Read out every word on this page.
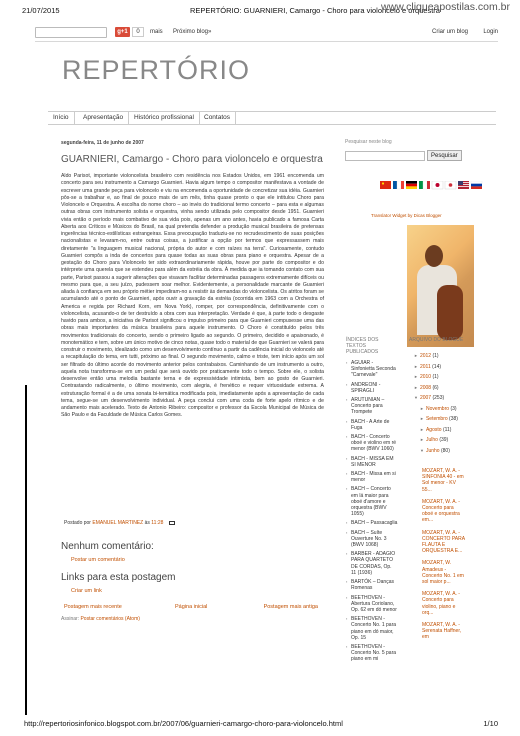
21/07/2015	REPERTÓRIO: GUARNIERI, Camargo - Choro para violoncelo e orquestra
www.cliqueapostilas.com.br
g+1	0	mais Próximo blog»	Criar um blog	Login
REPERTÓRIO
Início	Apresentação	Histórico profissional	Contatos
segunda-feira, 11 de junho de 2007
GUARNIERI, Camargo - Choro para violoncelo e orquestra
Aldo Parisot, importante violoncelista brasileiro com residência nos Estados Unidos, em 1961 encomenda um concerto para seu instrumento a Camargo Guarnieri. Havia algum tempo o compositor manifestava a vontade de escrever uma grande peça para violoncelo e viu na encomenda a oportunidade de concretizar sua idéia. Guarnieri pôs-se a trabalhar e, ao final de pouco mais de um mês, tinha quase pronto o que ele intitulou Choro para Violoncelo e Orquestra. A escolha do nome choro – ao invés do tradicional termo concerto – para esta e algumas outras obras com instrumento solista e orquestra, vinha sendo utilizada pelo compositor desde 1951. Guarnieri vivia então o período mais combativo de sua vida pois, apenas um ano antes, havia publicado a famosa Carta Aberta aos Críticos e Músicos do Brasil, na qual pretendia defender a produção musical brasileira de pretensas ingerências técnico-estilísticas estrangeiras. Essa preocupação traduziu-se no recrudescimento de suas posições nacionalistas e levaram-no, entre outras coisas, a justificar a opção por termos que expressassem mais diretamente "a linguagem musical nacional, própria do autor e com raízes na terra". Curiosamente, contudo Guarnieri compôs a inda de concertos para quase todas as suas obras para piano e orquestra. Apesar de a gestação do Choro para Violoncelo ter sido extraordinariamente rápida, houve por parte do compositor e do intérprete uma querela que se estendeu para além da estréia da obra. À medida que ia tomando contato com sua parte, Parisot passou a sugerir alterações que visavam facilitar determinadas passagens extremamente difíceis ou mesmo para que, a seu juízo, pudessem soar melhor. Evidentemente, a personalidade marcante de Guarnieri aliada à confiança em seu próprio métier impediram-no a resistir às demandas do violoncelista. Os atritos foram se acumulando até o ponto de Guarnieri, após ouvir a gravação da estréia (ocorrida em 1963 com a Orchestra of America e regida por Richard Korn, em Nova York), romper, por correspondência, definitivamente com o violoncelista, acusando-o de ter destruído a obra com sua interpretação. Verdade é que, à parte todo o desgaste havido para ambos, a iniciativa de Parisot significou o impulso primeiro para que Guarnieri compusesse uma das obras mais importantes da música brasileira para aquele instrumento. O Choro é constituído pelos três movimentos tradicionais do concerto, sendo o primeiro ligado ao segundo. O primeiro, decidido e apaixonado, é monotemático e tem, sobre um único motivo de cinco notas, quase todo o material de que Guarnieri se valerá para construir o movimento, idealizado como um desenvolvimento contínuo a partir da cadência inicial do violoncelo até a recapitulação do tema, em tutti, próximo ao final. O segundo movimento, calmo e triste, tem início após um sol ser filtrado do último acorde do movimento anterior pelos contrabaixos. Caminhando de um instrumento a outro, aquela nota transforma-se em um pedal que será ouvido por praticamente todo o tempo. Sobre ele, o solista desenvolve então uma melodia bastante terna e de expressividade intimista, bem ao gosto de Guarnieri. Contrastando radicalmente, o último movimento, com alegria, é frenético e requer virtuosidade extrema. A estruturação formal é a de uma sonata bi-temática modificada pois, imediatamente após a apresentação de cada tema, segue-se um desenvolvimento individual. A peça conclui com uma coda de forte apelo rítmico e de andamento mais acelerado. Texto de Antonio Ribeiro: compositor e professor da Escola Municipal de Música de São Paulo e da Faculdade de Música Carlos Gomes.
Postado por EMANUEL MARTINEZ às 11:28
Nenhum comentário:
Postar um comentário
Links para esta postagem
Criar um link
Postagem mais recente	Página inicial	Postagem mais antiga
Assinar: Postar comentários (Atom)
Pesquisar neste blog
Pesquisar
Translator Widget by Dicas Blogger
ÍNDICES DOS TEXTOS PUBLICADOS
ARQUIVO DO BLOGUE
▪ AGUIAR - Sinfonietta Seconda "Carnevale"
▪ ANDREONI - SPIRAGLI
▪ ARUTUNIAN – Concerto para Trompete
▪ BACH - A Arte de Fuga
▪ BACH - Concerto oboé e violino em ré menor (BWV 1060)
▪ BACH - MISSA EM SI MENOR
▪ BACH - Missa em si menor
▪ BACH – Concerto em lá maior para oboé d'amore e orquestra (BWV 1055)
▪ BACH – Passacaglia
▪ BACH – Suíte Ouverture No. 3 (BWV 1068)
▪ BARBER - ADAGIO PARA QUARTETO DE CORDAS, Op. 11 (1936)
▪ BARTÓK – Danças Romenas
▪ BEETHOVEN - Abertura Coriolano, Op. 62 em dó menor
▪ BEETHOVEN - Concerto No. 1 para piano em dó maior, Op. 15
▪ BEETHOVEN - Concerto No. 5 para piano em mi
► 2012 (1)
► 2011 (14)
► 2010 (1)
► 2008 (6)
▼ 2007 (253)
► Novembro (3)
► Setembro (38)
► Agosto (11)
► Julho (39)
▼ Junho (80)
MOZART, W. A. - SINFONIA 40 - em Sol menor - KV 55...
MOZART, W. A. - Concerto para oboé e orquestra em...
MOZART, W. A. - CONCERTO PARA FLAUTA E ORQUESTRA E...
MOZART, W. Amadeus - Concerto No. 1 em sol maior p...
MOZART, W. A. - Concerto para violino, piano e orq...
MOZART, W. A. - Serenata Haffner, em
http://repertoriosinfonico.blogspot.com.br/2007/06/guarnieri-camargo-choro-para-violoncelo.html	1/10
